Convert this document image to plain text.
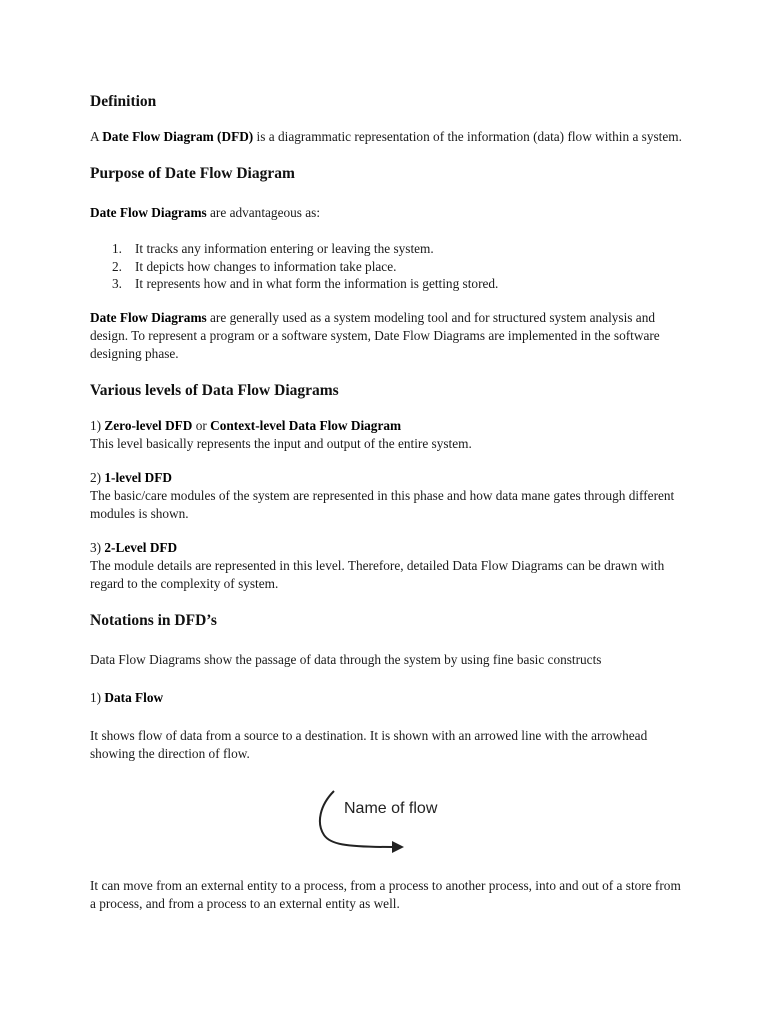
Definition

A Date Flow Diagram (DFD) is a diagrammatic representation of the information (data) flow within a system.

Purpose of Date Flow Diagram

Date Flow Diagrams are advantageous as:

1. It tracks any information entering or leaving the system.
2. It depicts how changes to information take place.
3. It represents how and in what form the information is getting stored.

Date Flow Diagrams are generally used as a system modeling tool and for structured system analysis and design. To represent a program or a software system, Date Flow Diagrams are implemented in the software designing phase.

Various levels of Data Flow Diagrams

1) Zero-level DFD or Context-level Data Flow Diagram

This level basically represents the input and output of the entire system.

2) 1-level DFD

The basic/care modules of the system are represented in this phase and how data mane gates through different modules is shown.

3) 2-Level DFD

The module details are represented in this level. Therefore, detailed Data Flow Diagrams can be drawn with regard to the complexity of system.

Notations in DFD’s

Data Flow Diagrams show the passage of data through the system by using fine basic constructs

1) Data Flow

It shows flow of data from a source to a destination. It is shown with an arrowed line with the arrowhead showing the direction of flow.

Name of flow

It can move from an external entity to a process, from a process to another process, into and out of a store from a process, and from a process to an external entity as well.
